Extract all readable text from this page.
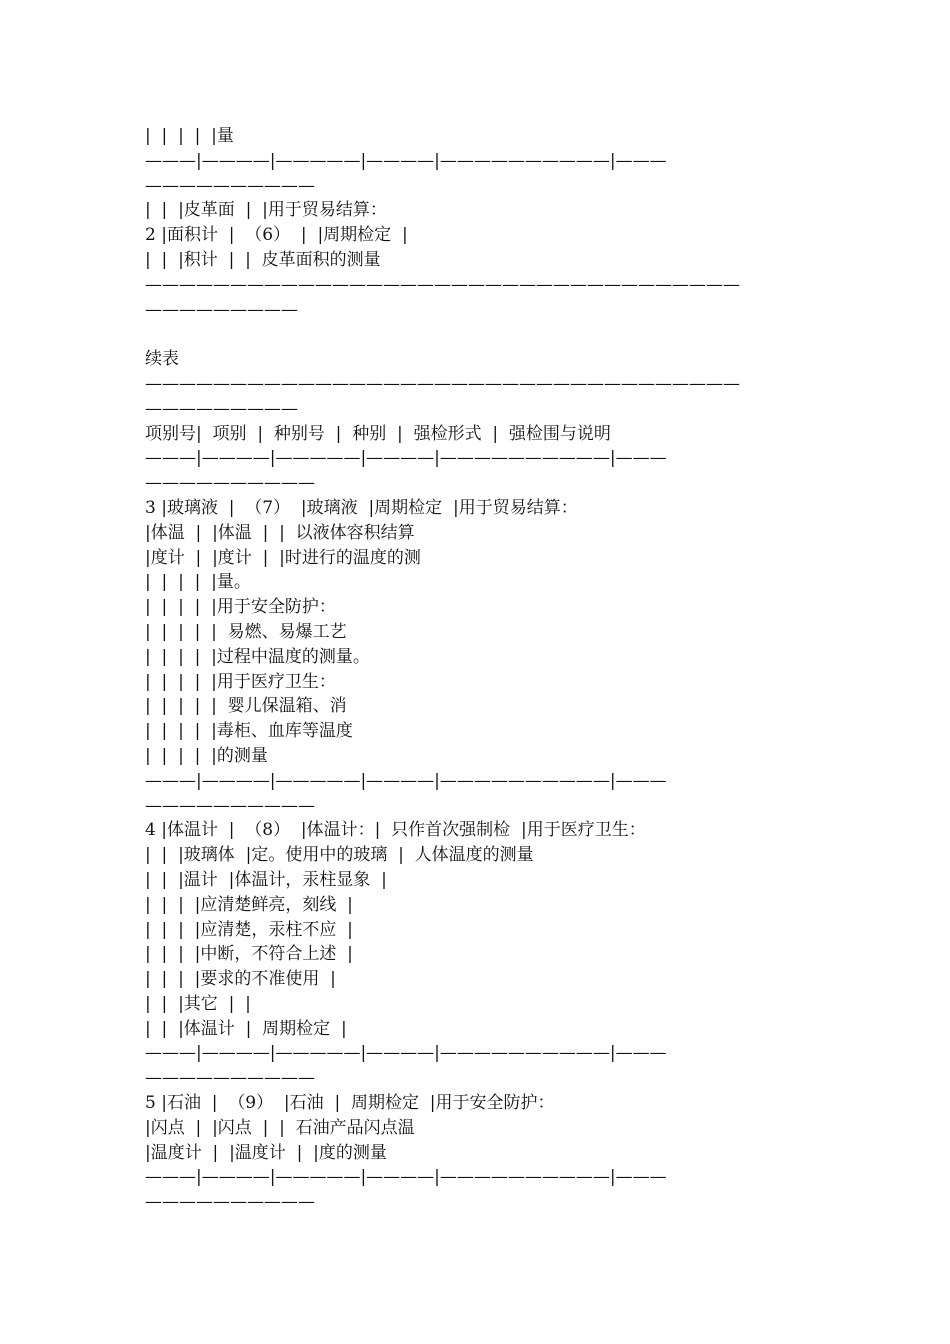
|  |  |  |  |量
———|————|—————|————|——————————|———
——————————
|  |  |皮革面  |  |用于贸易结算：
2 |面积计  |  （6）  |  |周期检定  |
|  |  |积计  |  |  皮革面积的测量
———————————————————————————————————
—————————
续表
———————————————————————————————————
—————————
项别号|  项别  |  种别号  |  种别  |  强检形式  |  强检围与说明
———|————|—————|————|——————————|———
——————————
3 |玻璃液  |  （7）  |玻璃液  |周期检定  |用于贸易结算：
|体温  |  |体温  |  |  以液体容积结算
|度计  |  |度计  |  |时进行的温度的测
|  |  |  |  |量。
|  |  |  |  |用于安全防护：
|  |  |  |  |  易燃、易爆工艺
|  |  |  |  |过程中温度的测量。
|  |  |  |  |用于医疗卫生：
|  |  |  |  |  婴儿保温箱、消
|  |  |  |  |毒柜、血库等温度
|  |  |  |  |的测量
———|————|—————|————|——————————|———
——————————
4 |体温计  |  （8）  |体温计：|  只作首次强制检  |用于医疗卫生：
|  |  |玻璃体  |定。使用中的玻璃  |  人体温度的测量
|  |  |温计  |体温计，汞柱显象  |
|  |  |  |应清楚鲜亮，刻线  |
|  |  |  |应清楚，汞柱不应  |
|  |  |  |中断，不符合上述  |
|  |  |  |要求的不准使用  |
|  |  |其它  |  |
|  |  |体温计  |  周期检定  |
———|————|—————|————|——————————|———
——————————
5 |石油  |  （9）  |石油  |  周期检定  |用于安全防护：
|闪点  |  |闪点  |  |  石油产品闪点温
|温度计  |  |温度计  |  |度的测量
———|————|—————|————|——————————|———
——————————
